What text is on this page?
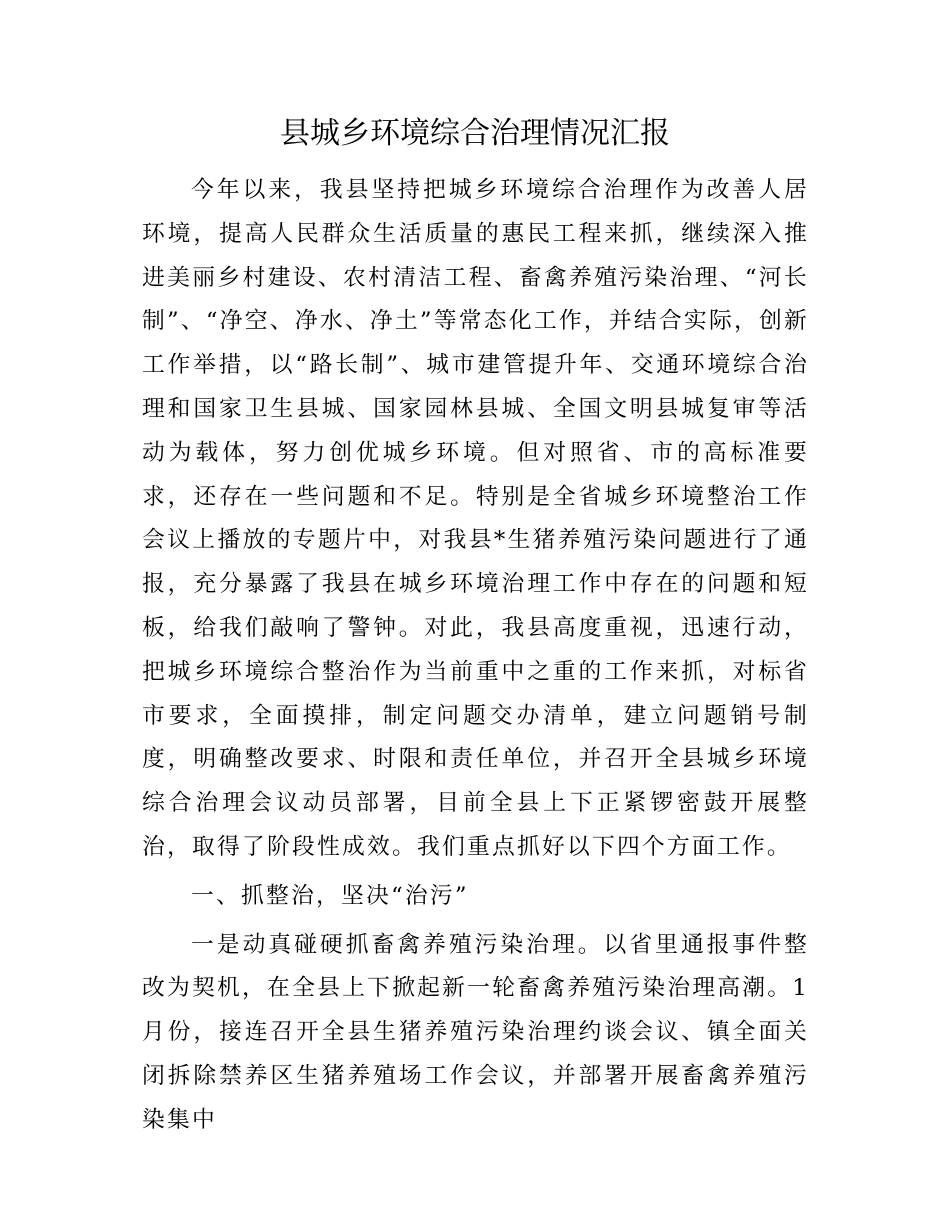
县城乡环境综合治理情况汇报

今年以来，我县坚持把城乡环境综合治理作为改善人居环境，提高人民群众生活质量的惠民工程来抓，继续深入推进美丽乡村建设、农村清洁工程、畜禽养殖污染治理、“河长制”、“净空、净水、净土”等常态化工作，并结合实际，创新工作举措，以“路长制”、城市建管提升年、交通环境综合治理和国家卫生县城、国家园林县城、全国文明县城复审等活动为载体，努力创优城乡环境。但对照省、市的高标准要求，还存在一些问题和不足。特别是全省城乡环境整治工作会议上播放的专题片中，对我县*生猪养殖污染问题进行了通报，充分暴露了我县在城乡环境治理工作中存在的问题和短板，给我们敲响了警钟。对此，我县高度重视，迅速行动，把城乡环境综合整治作为当前重中之重的工作来抓，对标省市要求，全面摸排，制定问题交办清单，建立问题销号制度，明确整改要求、时限和责任单位，并召开全县城乡环境综合治理会议动员部署，目前全县上下正紧锣密鼓开展整治，取得了阶段性成效。我们重点抓好以下四个方面工作。

一、抓整治，坚决“治污”

一是动真碰硬抓畜禽养殖污染治理。以省里通报事件整改为契机，在全县上下掀起新一轮畜禽养殖污染治理高潮。1月份，接连召开全县生猪养殖污染治理约谈会议、镇全面关闭拆除禁养区生猪养殖场工作会议，并部署开展畜禽养殖污染集中
